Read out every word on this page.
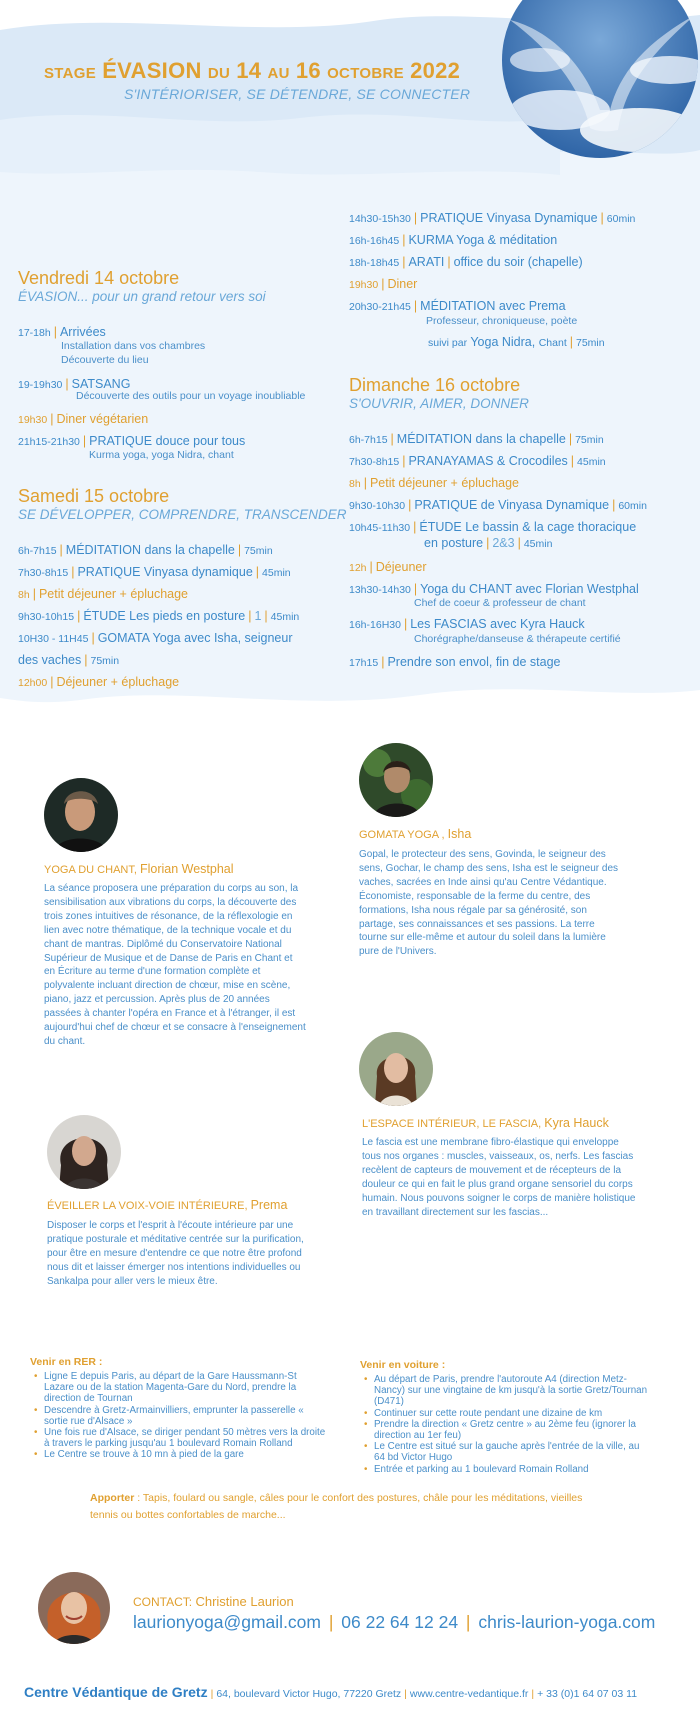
STAGE ÉVASION DU 14 AU 16 OCTOBRE 2022
S'INTÉRIORISER, SE DÉTENDRE, SE CONNECTER
Vendredi 14 octobre
ÉVASION... pour un grand retour vers soi
17-18h | Arrivées
Installation dans vos chambres
Découverte du lieu
19-19h30 | SATSANG
Découverte des outils pour un voyage inoubliable
19h30 | Diner végétarien
21h15-21h30 | PRATIQUE douce pour tous
Kurma yoga, yoga Nidra, chant
Samedi 15 octobre
SE DÉVELOPPER, COMPRENDRE, TRANSCENDER
6h-7h15 | MÉDITATION dans la chapelle | 75min
7h30-8h15 | PRATIQUE Vinyasa dynamique | 45min
8h | Petit déjeuner + épluchage
9h30-10h15 | ÉTUDE Les pieds en posture | 1 | 45min
10H30 - 11H45 | GOMATA Yoga avec Isha, seigneur
des vaches | 75min
12h00 | Déjeuner + épluchage
14h30-15h30 | PRATIQUE Vinyasa Dynamique | 60min
16h-16h45 | KURMA Yoga & méditation
18h-18h45 | ARATI | office du soir (chapelle)
19h30 | Diner
20h30-21h45 | MÉDITATION avec Prema
Professeur, chroniqueuse, poète
suivi par Yoga Nidra, Chant | 75min
Dimanche 16 octobre
S'OUVRIR, AIMER, DONNER
6h-7h15 | MÉDITATION dans la chapelle | 75min
7h30-8h15 | PRANAYAMAS & Crocodiles | 45min
8h | Petit déjeuner + épluchage
9h30-10h30 | PRATIQUE de Vinyasa Dynamique | 60min
10h45-11h30 | ÉTUDE Le bassin & la cage thoracique
en posture | 2&3 | 45min
12h | Déjeuner
13h30-14h30 | Yoga du CHANT avec Florian Westphal
Chef de coeur & professeur de chant
16h-16H30 | Les FASCIAS avec Kyra Hauck
Chorégraphe/danseuse & thérapeute certifié
17h15 | Prendre son envol, fin de stage
YOGA DU CHANT, Florian Westphal
La séance proposera une préparation du corps au son, la sensibilisation aux vibrations du corps, la découverte des trois zones intuitives de résonance, de la réflexologie en lien avec notre thématique, de la technique vocale et du chant de mantras. Diplômé du Conservatoire National Supérieur de Musique et de Danse de Paris en Chant et en Écriture au terme d'une formation complète et polyvalente incluant direction de chœur, mise en scène, piano, jazz et percussion. Après plus de 20 années passées à chanter l'opéra en France et à l'étranger, il est aujourd'hui chef de chœur et se consacre à l'enseignement du chant.
GOMATA YOGA , Isha
Gopal, le protecteur des sens, Govinda, le seigneur des sens, Gochar, le champ des sens, Isha est le seigneur des vaches, sacrées en Inde ainsi qu'au Centre Védantique. Économiste, responsable de la ferme du centre, des formations, Isha nous régale par sa générosité, son partage, ses connaissances et ses passions. La terre tourne sur elle-même et autour du soleil dans la lumière pure de l'Univers.
L'ESPACE INTÉRIEUR, LE FASCIA, Kyra Hauck
Le fascia est une membrane fibro-élastique qui enveloppe tous nos organes : muscles, vaisseaux, os, nerfs. Les fascias recèlent de capteurs de mouvement et de récepteurs de la douleur ce qui en fait le plus grand organe sensoriel du corps humain. Nous pouvons soigner le corps de manière holistique en travaillant directement sur les fascias...
ÉVEILLER LA VOIX-VOIE INTÉRIEURE, Prema
Disposer le corps et l'esprit à l'écoute intérieure par une pratique posturale et méditative centrée sur la purification, pour être en mesure d'entendre ce que notre être profond nous dit et laisser émerger nos intentions individuelles ou Sankalpa pour aller vers le mieux être.
Venir en RER :
• Ligne E depuis Paris, au départ de la Gare Haussmann-St Lazare ou de la station Magenta-Gare du Nord, prendre la direction de Tournan
• Descendre à Gretz-Armainvilliers, emprunter la passerelle « sortie rue d'Alsace »
• Une fois rue d'Alsace, se diriger pendant 50 mètres vers la droite à travers le parking jusqu'au 1 boulevard Romain Rolland
• Le Centre se trouve à 10 mn à pied de la gare
Venir en voiture :
• Au départ de Paris, prendre l'autoroute A4 (direction Metz-Nancy) sur une vingtaine de km jusqu'à la sortie Gretz/Tournan (D471)
• Continuer sur cette route pendant une dizaine de km
• Prendre la direction « Gretz centre » au 2ème feu (ignorer la direction au 1er feu)
• Le Centre est situé sur la gauche après l'entrée de la ville, au 64 bd Victor Hugo
• Entrée et parking au 1 boulevard Romain Rolland
Apporter : Tapis, foulard ou sangle, câles pour le confort des postures, châle pour les méditations, vieilles tennis ou bottes confortables de marche...
CONTACT: Christine Laurion
laurionyoga@gmail.com | 06 22 64 12 24 | chris-laurion-yoga.com
Centre Védantique de Gretz | 64, boulevard Victor Hugo, 77220 Gretz | www.centre-vedantique.fr | + 33 (0)1 64 07 03 11
